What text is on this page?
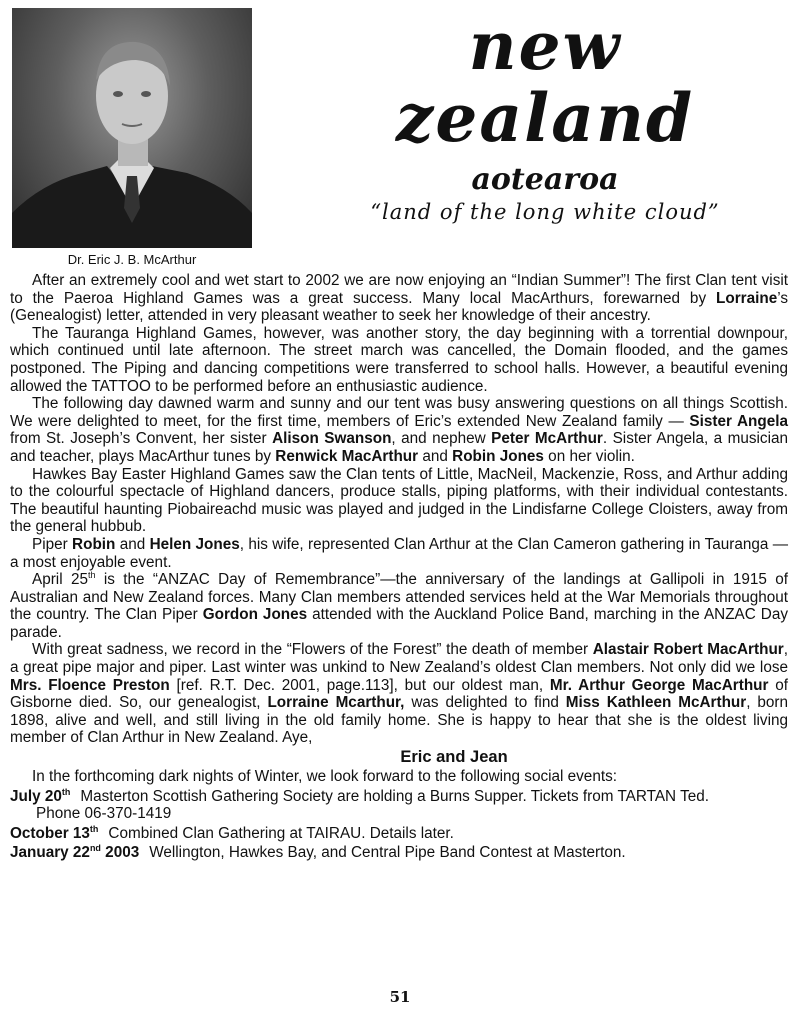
Dr. Eric J. B. McArthur
new
zealand
aotearoa
“land of the long white cloud”

After an extremely cool and wet start to 2002 we are now enjoying an “Indian Summer”! The first Clan tent visit to the Paeroa Highland Games was a great success. Many local MacArthurs, forewarned by Lorraine’s (Genealogist) letter, attended in very pleasant weather to seek her knowledge of their ancestry.

The Tauranga Highland Games, however, was another story, the day beginning with a torrential downpour, which continued until late afternoon. The street march was cancelled, the Domain flooded, and the games postponed. The Piping and dancing competitions were transferred to school halls. However, a beautiful evening allowed the TATTOO to be performed before an enthusiastic audience.

The following day dawned warm and sunny and our tent was busy answering questions on all things Scottish. We were delighted to meet, for the first time, members of Eric’s extended New Zealand family — Sister Angela from St. Joseph’s Convent, her sister Alison Swanson, and nephew Peter McArthur. Sister Angela, a musician and teacher, plays MacArthur tunes by Renwick MacArthur and Robin Jones on her violin.

Hawkes Bay Easter Highland Games saw the Clan tents of Little, MacNeil, Mackenzie, Ross, and Arthur adding to the colourful spectacle of Highland dancers, produce stalls, piping platforms, with their individual contestants. The beautiful haunting Piobaireachd music was played and judged in the Lindisfarne College Cloisters, away from the general hubbub.

Piper Robin and Helen Jones, his wife, represented Clan Arthur at the Clan Cameron gathering in Tauranga — a most enjoyable event.

April 25th is the “ANZAC Day of Remembrance”—the anniversary of the landings at Gallipoli in 1915 of Australian and New Zealand forces. Many Clan members attended services held at the War Memorials throughout the country. The Clan Piper Gordon Jones attended with the Auckland Police Band, marching in the ANZAC Day parade.

With great sadness, we record in the “Flowers of the Forest” the death of member Alastair Robert MacArthur, a great pipe major and piper. Last winter was unkind to New Zealand’s oldest Clan members. Not only did we lose Mrs. Floence Preston [ref. R.T. Dec. 2001, page.113], but our oldest man, Mr. Arthur George MacArthur of Gisborne died. So, our genealogist, Lorraine Mcarthur, was delighted to find Miss Kathleen McArthur, born 1898, alive and well, and still living in the old family home. She is happy to hear that she is the oldest living member of Clan Arthur in New Zealand. Aye,

Eric and Jean
In the forthcoming dark nights of Winter, we look forward to the following social events:
July 20th Masterton Scottish Gathering Society are holding a Burns Supper. Tickets from TARTAN Ted.
Phone 06-370-1419
October 13th Combined Clan Gathering at TAIRAU. Details later.
January 22nd 2003 Wellington, Hawkes Bay, and Central Pipe Band Contest at Masterton.
51
